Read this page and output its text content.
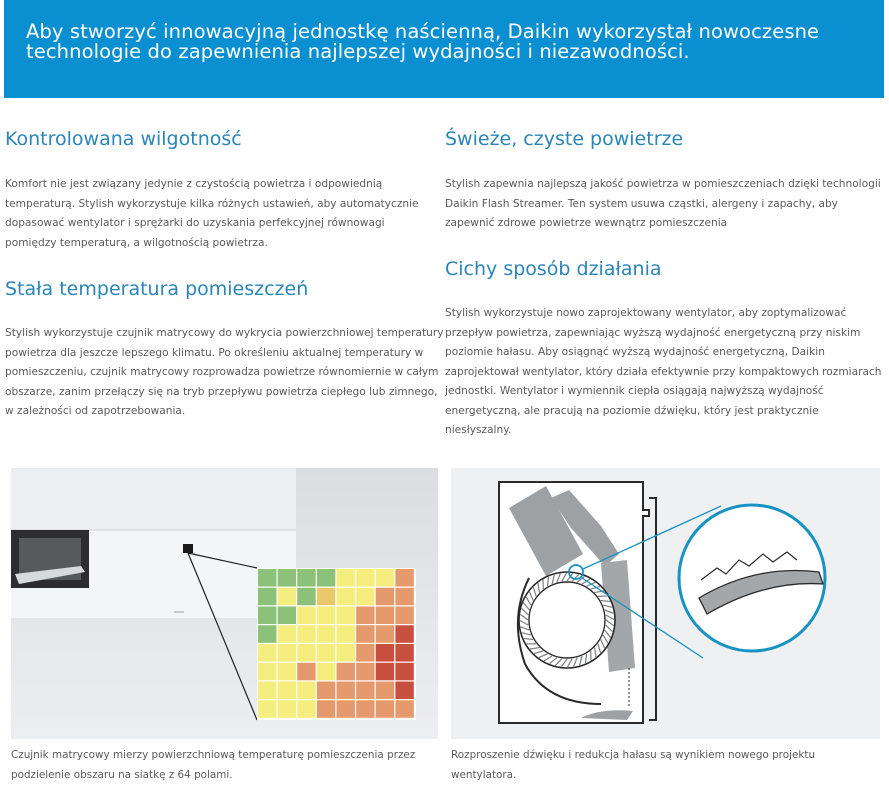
Aby stworzyć innowacyjną jednostkę naścienną, Daikin wykorzystał nowoczesne technologie do zapewnienia najlepszej wydajności i niezawodności.

Kontrolowana wilgotność

Komfort nie jest związany jedynie z czystością powietrza i odpowiednią temperaturą. Stylish wykorzystuje kilka różnych ustawień, aby automatycznie dopasować wentylator i sprężarki do uzyskania perfekcyjnej równowagi pomiędzy temperaturą, a wilgotnością powietrza.

Stała temperatura pomieszczeń

Stylish wykorzystuje czujnik matrycowy do wykrycia powierzchniowej temperatury powietrza dla jeszcze lepszego klimatu. Po określeniu aktualnej temperatury w pomieszczeniu, czujnik matrycowy rozprowadza powietrze równomiernie w całym obszarze, zanim przełączy się na tryb przepływu powietrza ciepłego lub zimnego, w zależności od zapotrzebowania.

Świeże, czyste powietrze

Stylish zapewnia najlepszą jakość powietrza w pomieszczeniach dzięki technologii Daikin Flash Streamer. Ten system usuwa cząstki, alergeny i zapachy, aby zapewnić zdrowe powietrze wewnątrz pomieszczenia

Cichy sposób działania

Stylish wykorzystuje nowo zaprojektowany wentylator, aby zoptymalizować przepływ powietrza, zapewniając wyższą wydajność energetyczną przy niskim poziomie hałasu. Aby osiągnąć wyższą wydajność energetyczną, Daikin zaprojektował wentylator, który działa efektywnie przy kompaktowych rozmiarach jednostki. Wentylator i wymiennik ciepła osiągają najwyższą wydajność energetyczną, ale pracują na poziomie dźwięku, który jest praktycznie niesłyszalny.

Czujnik matrycowy mierzy powierzchniową temperaturę pomieszczenia przez podzielenie obszaru na siatkę z 64 polami.

Rozproszenie dźwięku i redukcja hałasu są wynikiem nowego projektu wentylatora.
